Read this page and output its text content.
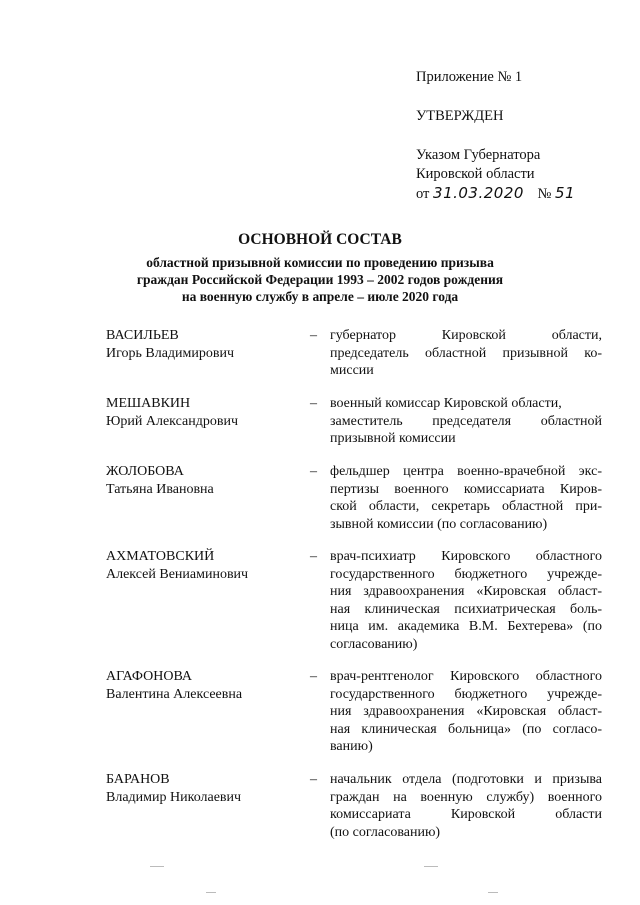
Приложение № 1
УТВЕРЖДЕН
Указом Губернатора
Кировской области
от 31.03.2020 № 51
ОСНОВНОЙ СОСТАВ
областной призывной комиссии по проведению призыва
граждан Российской Федерации 1993 – 2002 годов рождения
на военную службу в апреле – июле 2020 года
ВАСИЛЬЕВ
Игорь Владимирович
– губернатор Кировской области,
председатель областной призывной ко-
миссии
МЕШАВКИН
Юрий Александрович
– военный комиссар Кировской области,
заместитель председателя областной
призывной комиссии
ЖОЛОБОВА
Татьяна Ивановна
– фельдшер центра военно-врачебной экс-
пертизы военного комиссариата Киров-
ской области, секретарь областной при-
зывной комиссии (по согласованию)
АХМАТОВСКИЙ
Алексей Вениаминович
– врач-психиатр Кировского областного
государственного бюджетного учрежде-
ния здравоохранения «Кировская област-
ная клиническая психиатрическая боль-
ница им. академика В.М. Бехтерева» (по
согласованию)
АГАФОНОВА
Валентина Алексеевна
– врач-рентгенолог Кировского областного
государственного бюджетного учрежде-
ния здравоохранения «Кировская област-
ная клиническая больница» (по согласо-
ванию)
БАРАНОВ
Владимир Николаевич
– начальник отдела (подготовки и призыва
граждан на военную службу) военного
комиссариата Кировской области
(по согласованию)
